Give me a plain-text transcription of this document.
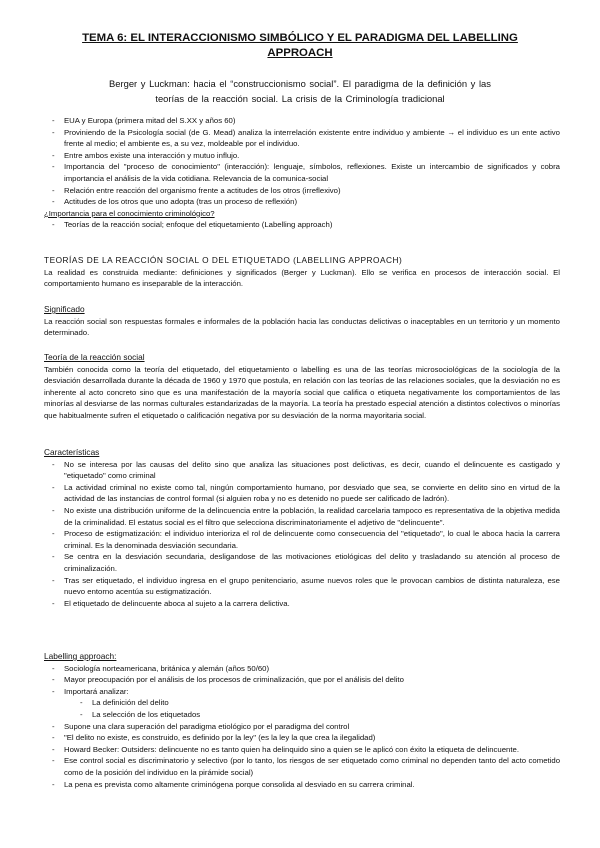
TEMA 6: EL INTERACCIONISMO SIMBÓLICO Y EL PARADIGMA DEL LABELLING
APPROACH
Berger y Luckman: hacia el “construccionismo social”. El paradigma de la definición y las
teorías de la reacción social. La crisis de la Criminología tradicional
- EUA y Europa (primera mitad del S.XX y años 60)
- Proviniendo de la Psicología social (de G. Mead) analiza la interrelación existente entre individuo y ambiente → el individuo es un ente activo frente al medio; el ambiente es, a su vez, moldeable por el individuo.
- Entre ambos existe una interacción y mutuo influjo.
- Importancia del "proceso de conocimiento" (interacción): lenguaje, símbolos, reflexiones. Existe un intercambio de significados y cobra importancia el análisis de la vida cotidiana. Relevancia de la comunica-social
- Relación entre reacción del organismo frente a actitudes de los otros (irreflexivo)
- Actitudes de los otros que uno adopta (tras un proceso de reflexión)
¿Importancia para el conocimiento criminológico?
- Teorías de la reacción social; enfoque del etiquetamiento (Labelling approach)
TEORÍAS DE LA REACCIÓN SOCIAL O DEL ETIQUETADO (LABELLING APPROACH)
La realidad es construida mediante: definiciones y significados (Berger y Luckman). Ello se verifica en procesos de interacción social. El comportamiento humano es inseparable de la interacción.
Significado
La reacción social son respuestas formales e informales de la población hacia las conductas delictivas o inaceptables en un territorio y un momento determinado.
Teoría de la reacción social
También conocida como la teoría del etiquetado, del etiquetamiento o labelling es una de las teorías microsociológicas de la sociología de la desviación desarrollada durante la década de 1960 y 1970 que postula, en relación con las teorías de las relaciones sociales, que la desviación no es inherente al acto concreto sino que es una manifestación de la mayoría social que califica o etiqueta negativamente los comportamientos de las minorías al desviarse de las normas culturales estandarizadas de la mayoría. La teoría ha prestado especial atención a distintos colectivos o minorías que habitualmente sufren el etiquetado o calificación negativa por su desviación de la norma mayoritaria social.
Características
- No se interesa por las causas del delito sino que analiza las situaciones post delictivas, es decir, cuando el delincuente es castigado y "etiquetado" como criminal
- La actividad criminal no existe como tal, ningún comportamiento humano, por desviado que sea, se convierte en delito sino en virtud de la actividad de las instancias de control formal (si alguien roba y no es detenido no puede ser calificado de ladrón).
- No existe una distribución uniforme de la delincuencia entre la población, la realidad carcelaria tampoco es representativa de la objetiva medida de la criminalidad. El estatus social es el filtro que selecciona discriminatoriamente el adjetivo de "delincuente".
- Proceso de estigmatización: el individuo interioriza el rol de delincuente como consecuencia del "etiquetado", lo cual le aboca hacia la carrera criminal. Es la denominada desviación secundaria.
- Se centra en la desviación secundaria, desligandose de las motivaciones etiológicas del delito y trasladando su atención al proceso de criminalización.
- Tras ser etiquetado, el individuo ingresa en el grupo penitenciario, asume nuevos roles que le provocan cambios de distinta naturaleza, ese nuevo entorno acentúa su estigmatización.
- El etiquetado de delincuente aboca al sujeto a la carrera delictiva.
Labelling approach:
- Sociología norteamericana, británica y alemán (años 50/60)
- Mayor preocupación por el análisis de los procesos de criminalización, que por el análisis del delito
- Importará analizar:
- La definición del delito
- La selección de los etiquetados
- Supone una clara superación del paradigma etiológico por el paradigma del control
- "El delito no existe, es construido, es definido por la ley" (es la ley la que crea la ilegalidad)
- Howard Becker: Outsiders: delincuente no es tanto quien ha delinquido sino a quien se le aplicó con éxito la etiqueta de delincuente.
- Ese control social es discriminatorio y selectivo (por lo tanto, los riesgos de ser etiquetado como criminal no dependen tanto del acto cometido como de la posición del individuo en la pirámide social)
- La pena es prevista como altamente criminógena porque consolida al desviado en su carrera criminal.
